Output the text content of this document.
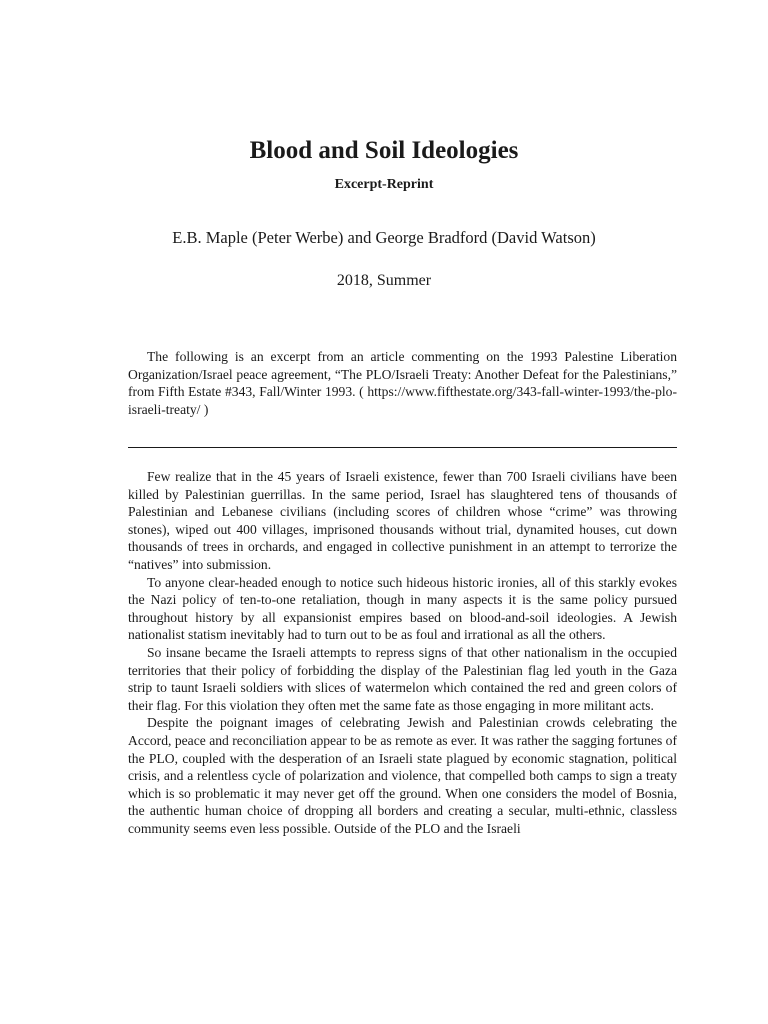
Blood and Soil Ideologies
Excerpt-Reprint
E.B. Maple (Peter Werbe) and George Bradford (David Watson)
2018, Summer

The following is an excerpt from an article commenting on the 1993 Palestine Liberation Organization/Israel peace agreement, “The PLO/Israeli Treaty: Another Defeat for the Palestinians,” from Fifth Estate #343, Fall/Winter 1993. ( https://www.fifthestate.org/343-fall-winter-1993/the-plo-israeli-treaty/ )

Few realize that in the 45 years of Israeli existence, fewer than 700 Israeli civilians have been killed by Palestinian guerrillas. In the same period, Israel has slaughtered tens of thousands of Palestinian and Lebanese civilians (including scores of children whose “crime” was throwing stones), wiped out 400 villages, imprisoned thousands without trial, dynamited houses, cut down thousands of trees in orchards, and engaged in collective punishment in an attempt to terrorize the “natives” into submission.

To anyone clear-headed enough to notice such hideous historic ironies, all of this starkly evokes the Nazi policy of ten-to-one retaliation, though in many aspects it is the same policy pursued throughout history by all expansionist empires based on blood-and-soil ideologies. A Jewish nationalist statism inevitably had to turn out to be as foul and irrational as all the others.

So insane became the Israeli attempts to repress signs of that other nationalism in the occupied territories that their policy of forbidding the display of the Palestinian flag led youth in the Gaza strip to taunt Israeli soldiers with slices of watermelon which contained the red and green colors of their flag. For this violation they often met the same fate as those engaging in more militant acts.

Despite the poignant images of celebrating Jewish and Palestinian crowds celebrating the Accord, peace and reconciliation appear to be as remote as ever. It was rather the sagging fortunes of the PLO, coupled with the desperation of an Israeli state plagued by economic stagnation, political crisis, and a relentless cycle of polarization and violence, that compelled both camps to sign a treaty which is so problematic it may never get off the ground. When one considers the model of Bosnia, the authentic human choice of dropping all borders and creating a secular, multi-ethnic, classless community seems even less possible. Outside of the PLO and the Israeli
